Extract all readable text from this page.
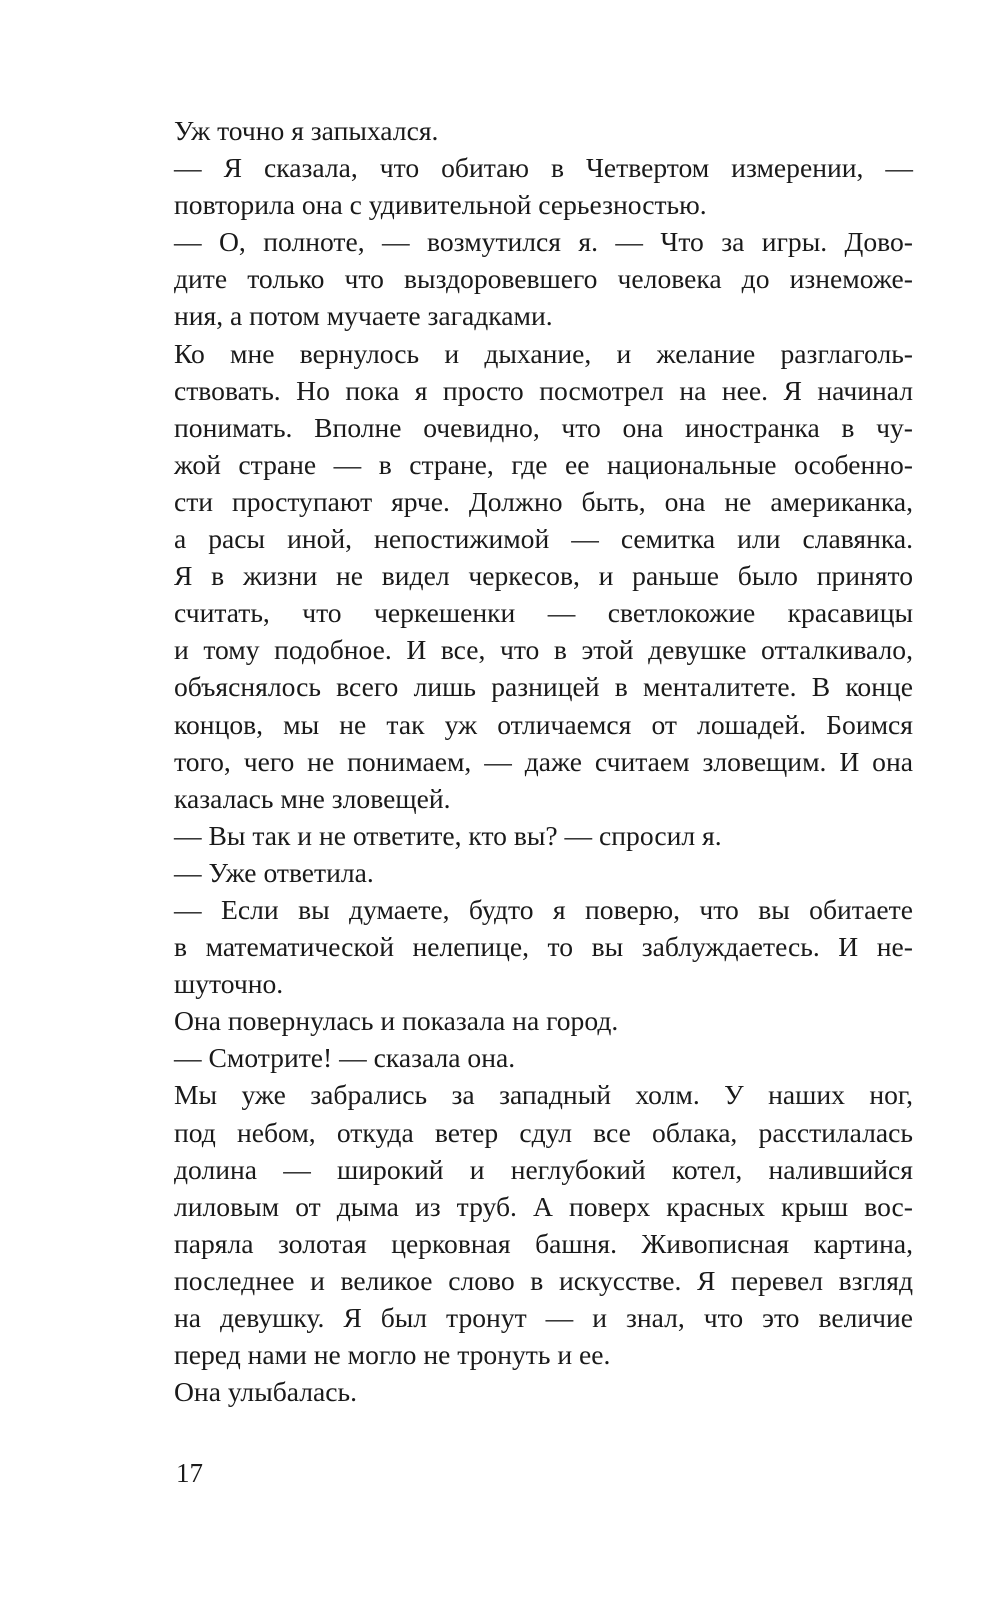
Уж точно я запыхался.

— Я сказала, что обитаю в Четвертом измерении, —
повторила она с удивительной серьезностью.

— О, полноте, — возмутился я. — Что за игры. Дово-
дите только что выздоровевшего человека до изнеможе-
ния, а потом мучаете загадками.

Ко мне вернулось и дыхание, и желание разглаголь-
ствовать. Но пока я просто посмотрел на нее. Я начинал
понимать. Вполне очевидно, что она иностранка в чу-
жой стране — в стране, где ее национальные особенно-
сти проступают ярче. Должно быть, она не американка,
а расы иной, непостижимой — семитка или славянка.
Я в жизни не видел черкесов, и раньше было принято
считать, что черкешенки — светлокожие красавицы
и тому подобное. И все, что в этой девушке отталкивало,
объяснялось всего лишь разницей в менталитете. В конце
концов, мы не так уж отличаемся от лошадей. Боимся
того, чего не понимаем, — даже считаем зловещим. И она
казалась мне зловещей.

— Вы так и не ответите, кто вы? — спросил я.

— Уже ответила.

— Если вы думаете, будто я поверю, что вы обитаете
в математической нелепице, то вы заблуждаетесь. И не-
шуточно.

Она повернулась и показала на город.

— Смотрите! — сказала она.

Мы уже забрались за западный холм. У наших ног,
под небом, откуда ветер сдул все облака, расстилалась
долина — широкий и неглубокий котел, налившийся
лиловым от дыма из труб. А поверх красных крыш вос-
паряла золотая церковная башня. Живописная картина,
последнее и великое слово в искусстве. Я перевел взгляд
на девушку. Я был тронут — и знал, что это величие
перед нами не могло не тронуть и ее.

Она улыбалась.

17
